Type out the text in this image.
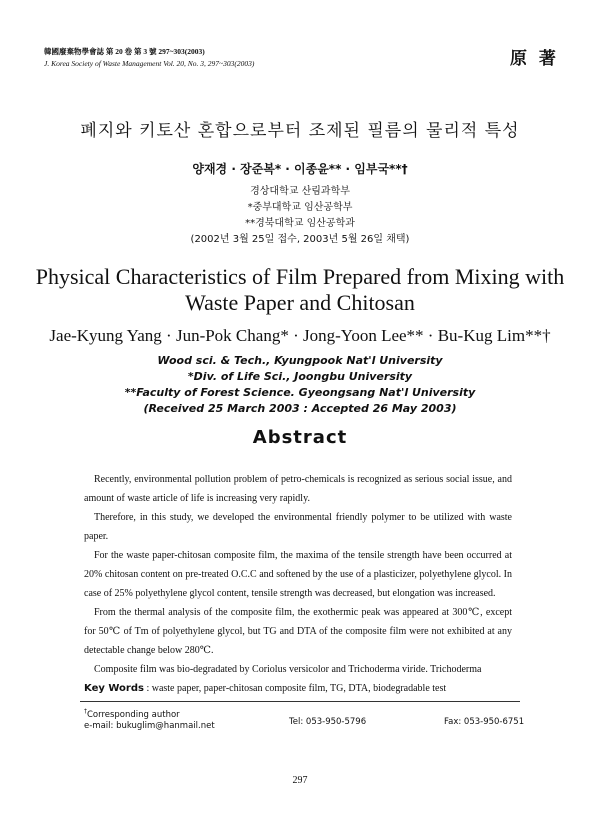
韓國廢棄物學會誌 第 20 卷 第 3 號 297~303(2003)
J. Korea Society of Waste Management Vol. 20, No. 3, 297~303(2003)	原 著
폐지와 키토산 혼합으로부터 조제된 필름의 물리적 특성
양재경 · 장준복* · 이종윤** · 임부국**†
경상대학교 산림과학부
*중부대학교 임산공학부
**경북대학교 임산공학과
(2002년 3월 25일 접수, 2003년 5월 26일 채택)
Physical Characteristics of Film Prepared from Mixing with
Waste Paper and Chitosan
Jae-Kyung Yang · Jun-Pok Chang* · Jong-Yoon Lee** · Bu-Kug Lim**†
Wood sci. & Tech., Kyungpook Nat'l University
*Div. of Life Sci., Joongbu University
**Faculty of Forest Science. Gyeongsang Nat'l University
(Received 25 March 2003 : Accepted 26 May 2003)
Abstract

Recently, environmental pollution problem of petro-chemicals is recognized as serious social issue, and amount of waste article of life is increasing very rapidly.

Therefore, in this study, we developed the environmental friendly polymer to be utilized with waste paper.

For the waste paper-chitosan composite film, the maxima of the tensile strength have been occurred at 20% chitosan content on pre-treated O.C.C and softened by the use of a plasticizer, polyethylene glycol. In case of 25% polyethylene glycol content, tensile strength was decreased, but elongation was increased.

From the thermal analysis of the composite film, the exothermic peak was appeared at 300℃, except for 50℃ of Tm of polyethylene glycol, but TG and DTA of the composite film were not exhibited at any detectable change below 280℃.

Composite film was bio-degradated by Coriolus versicolor and Trichoderma viride. Trichoderma

Key Words : waste paper, paper-chitosan composite film, TG, DTA, biodegradable test
†Corresponding author
e-mail: bukuglim@hanmail.net	Tel: 053-950-5796	Fax: 053-950-6751
297
